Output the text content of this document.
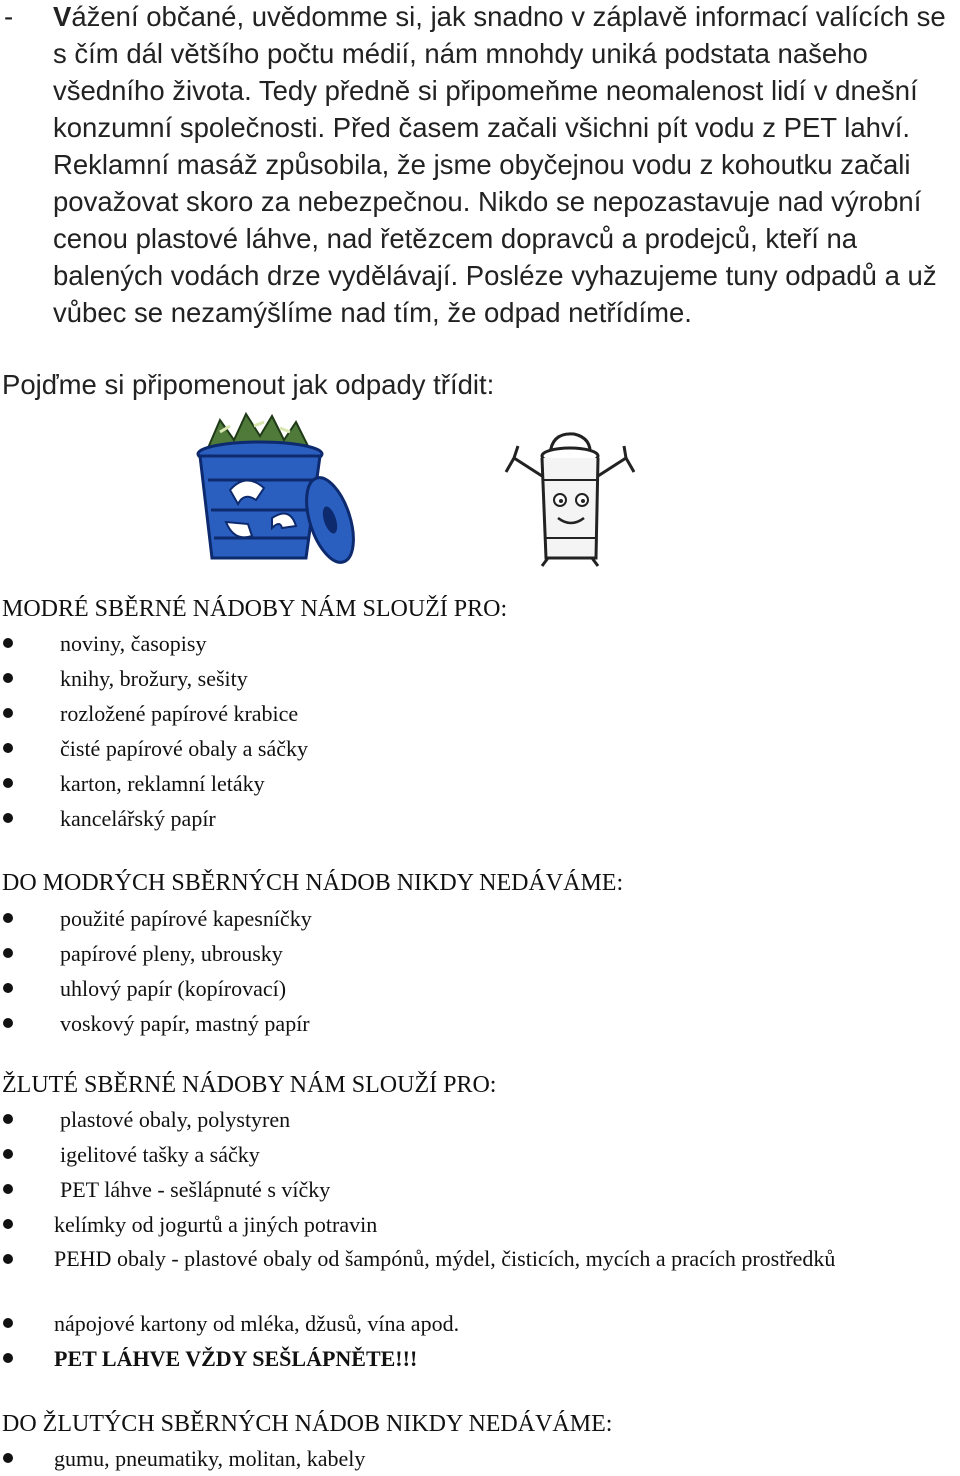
- Vážení občané, uvědomme si, jak snadno v záplavě informací valících se s čím dál většího počtu médií, nám mnohdy uniká podstata našeho všedního života. Tedy předně si připomeňme neomalenost lidí v dnešní konzumní společnosti. Před časem začali všichni pít vodu z PET lahví. Reklamní masáž způsobila, že jsme obyčejnou vodu z kohoutku začali považovat skoro za nebezpečnou. Nikdo se nepozastavuje nad výrobní cenou plastové láhve, nad řetězcem dopravců a prodejců, kteří na balených vodách drze vydělávají. Posléze vyhazujeme tuny odpadů a už vůbec se nezamýšlíme nad tím, že odpad netřídíme.

Pojďme si připomenout jak odpady třídit:

MODRÉ SBĚRNÉ NÁDOBY NÁM SLOUŽÍ PRO:
noviny, časopisy
knihy, brožury, sešity
rozložené papírové krabice
čisté papírové obaly a sáčky
karton, reklamní letáky
kancelářský papír
DO MODRÝCH SBĚRNÝCH NÁDOB NIKDY NEDÁVÁME:
použité papírové kapesníčky
papírové pleny, ubrousky
uhlový papír (kopírovací)
voskový papír, mastný papír
ŽLUTÉ SBĚRNÉ NÁDOBY NÁM SLOUŽÍ PRO:
plastové obaly, polystyren
igelitové tašky a sáčky
PET láhve - sešlápnuté s víčky
kelímky od jogurtů a jiných potravin
PEHD obaly - plastové obaly od šampónů, mýdel, čisticích, mycích a pracích prostředků
nápojové kartony od mléka, džusů, vína apod.
PET LÁHVE VŽDY SEŠLÁPNĚTE!!!
DO ŽLUTÝCH SBĚRNÝCH NÁDOB NIKDY NEDÁVÁME:
gumu, pneumatiky, molitan, kabely
